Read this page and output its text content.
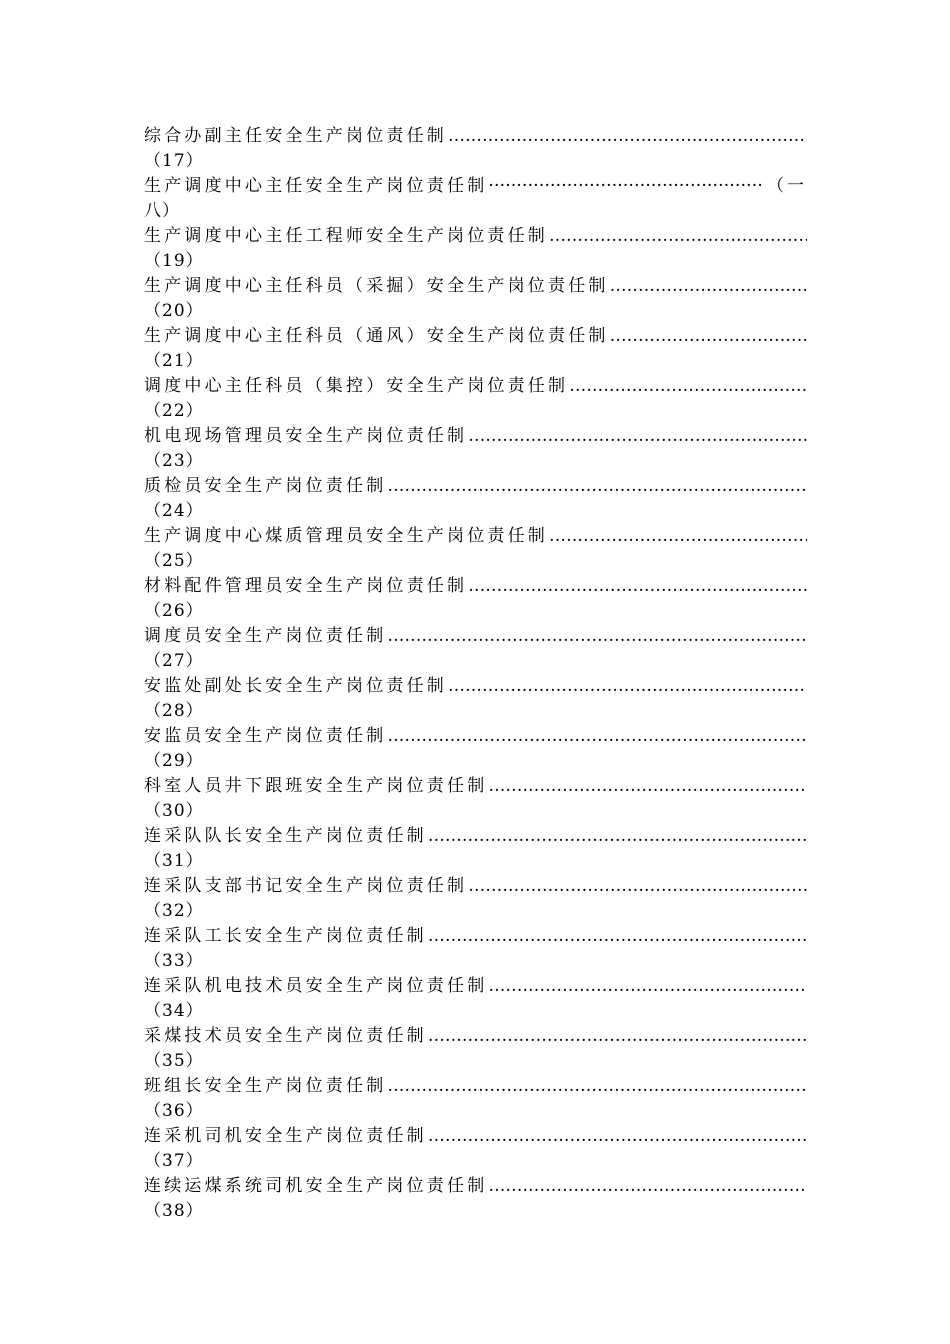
综合办副主任安全生产岗位责任制
……………………………………………………………………………………………………………………………………………………………………………………………………
（17）
生产调度中心主任安全生产岗位责任制
·····	（一
八）
生产调度中心主任工程师安全生产岗位责任制
……………………………………………………………………………………………………………………………………………………………………………………………………
（19）
生产调度中心主任科员（采掘）安全生产岗位责任制
……………………………………………………………………………………………………………………………………………………………………………………………………
（20）
生产调度中心主任科员（通风）安全生产岗位责任制
……………………………………………………………………………………………………………………………………………………………………………………………………
（21）
调度中心主任科员（集控）安全生产岗位责任制
……………………………………………………………………………………………………………………………………………………………………………………………………
（22）
机电现场管理员安全生产岗位责任制
……………………………………………………………………………………………………………………………………………………………………………………………………
（23）
质检员安全生产岗位责任制
……………………………………………………………………………………………………………………………………………………………………………………………………
（24）
生产调度中心煤质管理员安全生产岗位责任制
……………………………………………………………………………………………………………………………………………………………………………………………………
（25）
材料配件管理员安全生产岗位责任制
……………………………………………………………………………………………………………………………………………………………………………………………………
（26）
调度员安全生产岗位责任制
……………………………………………………………………………………………………………………………………………………………………………………………………
（27）
安监处副处长安全生产岗位责任制
……………………………………………………………………………………………………………………………………………………………………………………………………
（28）
安监员安全生产岗位责任制
……………………………………………………………………………………………………………………………………………………………………………………………………
（29）
科室人员井下跟班安全生产岗位责任制
……………………………………………………………………………………………………………………………………………………………………………………………………
（30）
连采队队长安全生产岗位责任制
……………………………………………………………………………………………………………………………………………………………………………………………………
（31）
连采队支部书记安全生产岗位责任制
……………………………………………………………………………………………………………………………………………………………………………………………………
（32）
连采队工长安全生产岗位责任制
……………………………………………………………………………………………………………………………………………………………………………………………………
（33）
连采队机电技术员安全生产岗位责任制
……………………………………………………………………………………………………………………………………………………………………………………………………
（34）
采煤技术员安全生产岗位责任制
……………………………………………………………………………………………………………………………………………………………………………………………………
（35）
班组长安全生产岗位责任制
……………………………………………………………………………………………………………………………………………………………………………………………………
（36）
连采机司机安全生产岗位责任制
……………………………………………………………………………………………………………………………………………………………………………………………………
（37）
连续运煤系统司机安全生产岗位责任制
……………………………………………………………………………………………………………………………………………………………………………………………………
（38）
